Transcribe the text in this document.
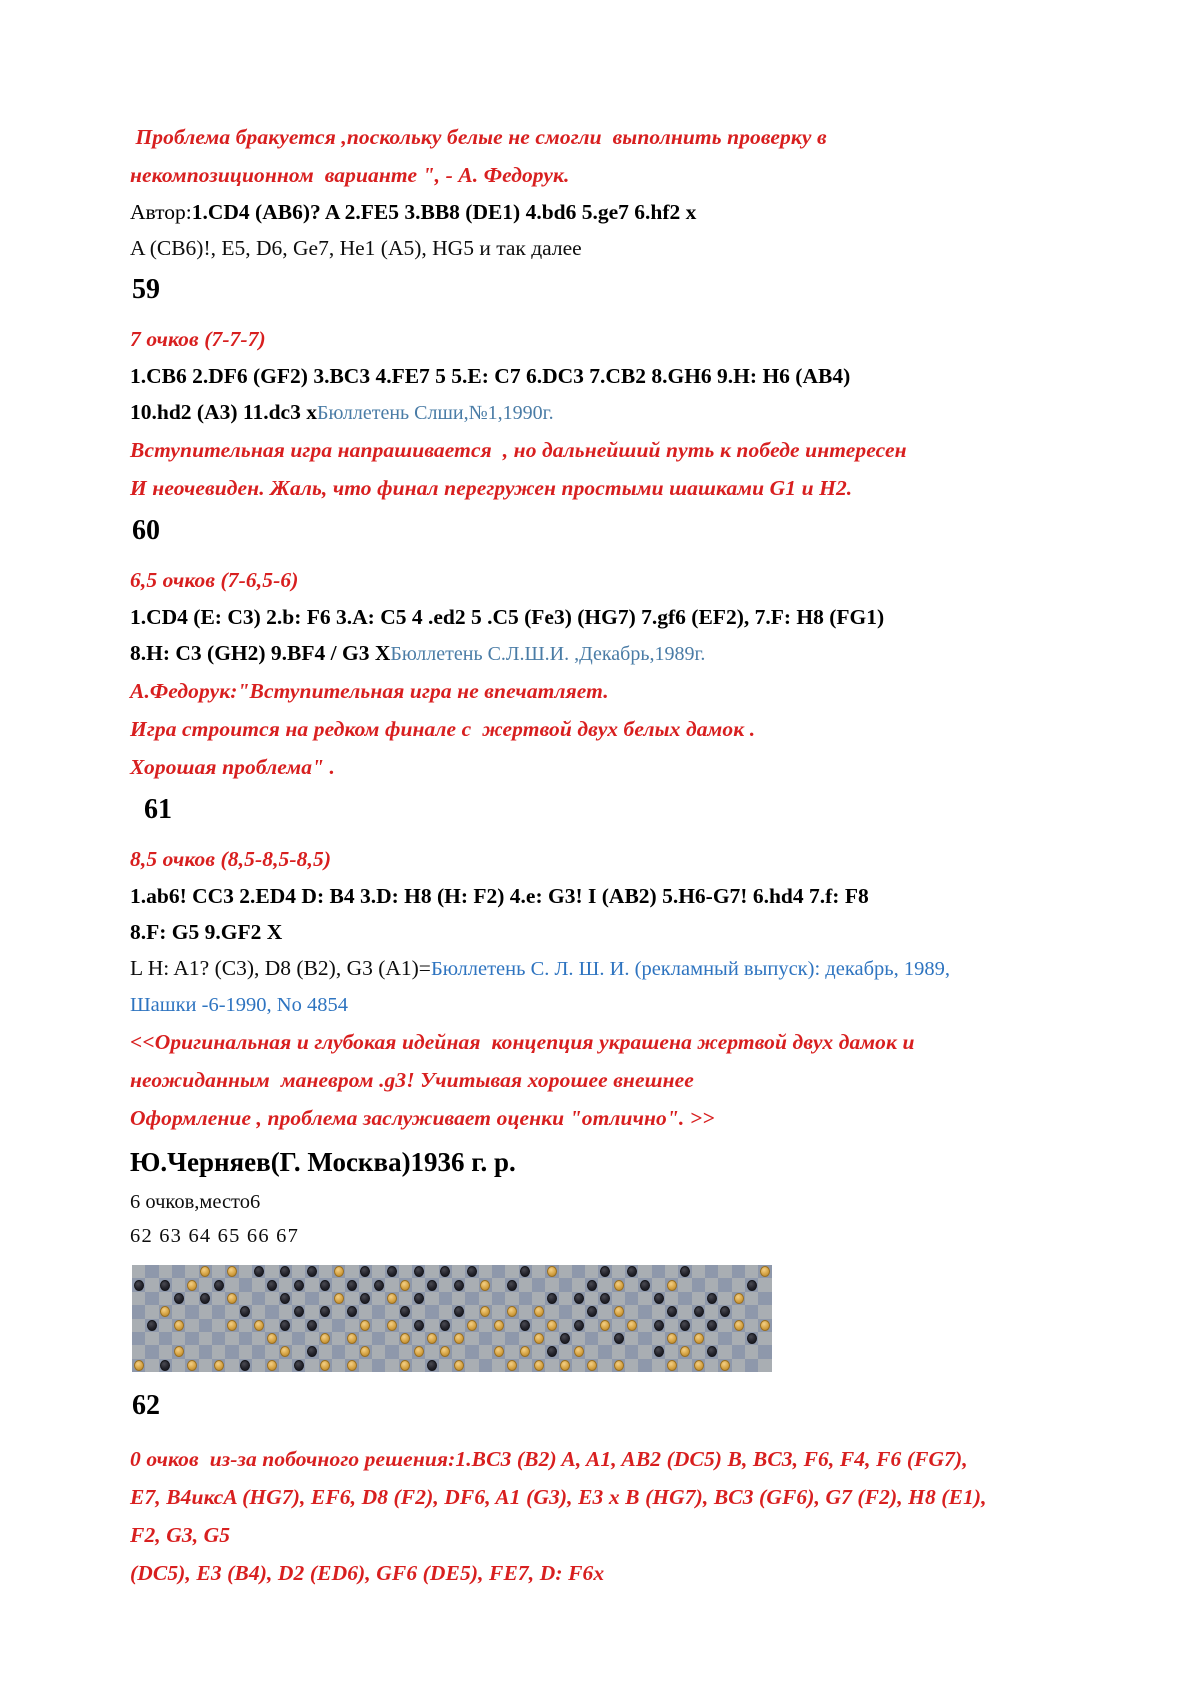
Проблема бракуется ,поскольку белые не смогли  выполнить проверку в

некомпозиционном  варианте ", - А. Федорук.

Автор:1.CD4 (AB6)? A 2.FE5 3.BB8 (DE1) 4.bd6 5.ge7 6.hf2 x

A (CB6)!, E5, D6, Ge7, He1 (A5), HG5 и так далее

59

7 очков (7-7-7)

1.CB6 2.DF6 (GF2) 3.BC3 4.FE7 5 5.E: C7 6.DC3 7.CB2 8.GH6 9.H: H6 (AB4)

10.hd2 (A3) 11.dc3 xБюллетень Слши,№1,1990г.

Вступительная игра напрашивается  , но дальнейший путь к победе интересен

И неочевиден. Жаль, что финал перегружен простыми шашками G1 и H2.

60

6,5 очков (7-6,5-6)

1.CD4 (E: C3) 2.b: F6 3.A: C5 4 .ed2 5 .C5 (Fe3) (HG7) 7.gf6 (EF2), 7.F: H8 (FG1)

8.H: C3 (GH2) 9.BF4 / G3 XБюллетень С.Л.Ш.И. ,Декабрь,1989г.

А.Федорук:"Вступительная игра не впечатляет.

Игра строится на редком финале с  жертвой двух белых дамок .

Хорошая проблема" .

61

8,5 очков (8,5-8,5-8,5)

1.ab6! CC3 2.ED4 D: B4 3.D: H8 (H: F2) 4.e: G3! I (AB2) 5.H6-G7! 6.hd4 7.f: F8

8.F: G5 9.GF2 X

L H: A1? (C3), D8 (B2), G3 (A1)=Бюллетень С. Л. Ш. И. (рекламный выпуск): декабрь, 1989,

Шашки -6-1990, No 4854

<<Оригинальная и глубокая идейная  концепция украшена жертвой двух дамок и

неожиданным  маневром .g3! Учитывая хорошее внешнее

Оформление , проблема заслуживает оценки "отлично". >>

Ю.Черняев(Г. Москва)1936 г. р.

6 очков,место6

62 63 64 65 66 67

62

0 очков  из-за побочного решения:1.BC3 (B2) A, A1, AB2 (DC5) B, BC3, F6, F4, F6 (FG7),

E7, B4иксA (HG7), EF6, D8 (F2), DF6, A1 (G3), E3 x B (HG7), BC3 (GF6), G7 (F2), H8 (E1),

F2, G3, G5

(DC5), E3 (B4), D2 (ED6), GF6 (DE5), FE7, D: F6x
